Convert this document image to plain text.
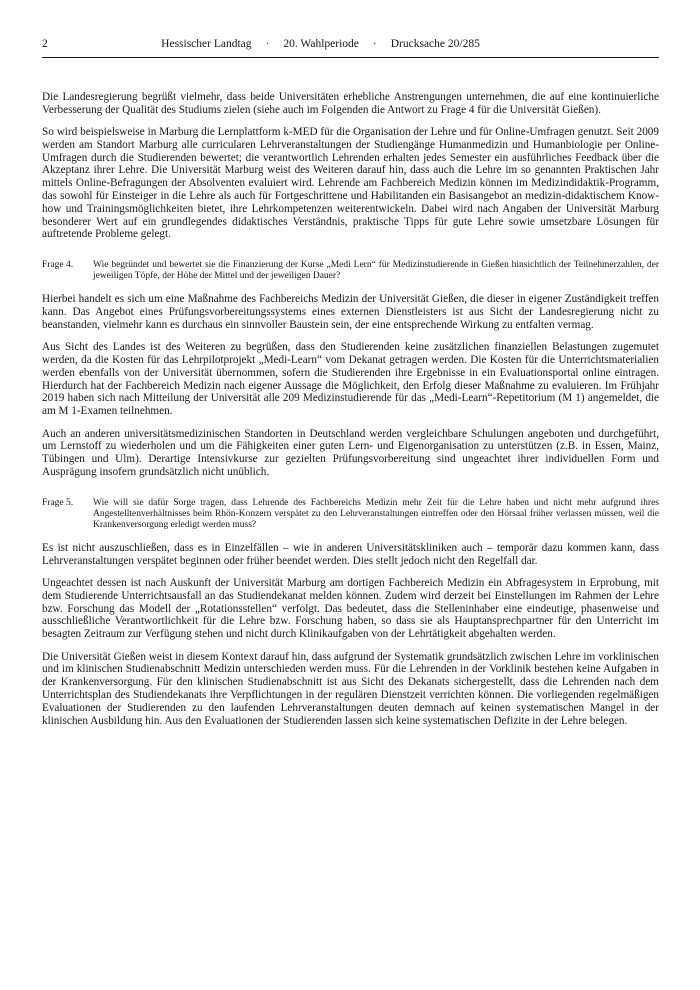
2	Hessischer Landtag · 20. Wahlperiode · Drucksache 20/285

Die Landesregierung begrüßt vielmehr, dass beide Universitäten erhebliche Anstrengungen unternehmen, die auf eine kontinuierliche Verbesserung der Qualität des Studiums zielen (siehe auch im Folgenden die Antwort zu Frage 4 für die Universität Gießen).

So wird beispielsweise in Marburg die Lernplattform k-MED für die Organisation der Lehre und für Online-Umfragen genutzt. Seit 2009 werden am Standort Marburg alle curricularen Lehrveranstaltungen der Studiengänge Humanmedizin und Humanbiologie per Online-Umfragen durch die Studierenden bewertet; die verantwortlich Lehrenden erhalten jedes Semester ein ausführliches Feedback über die Akzeptanz ihrer Lehre. Die Universität Marburg weist des Weiteren darauf hin, dass auch die Lehre im so genannten Praktischen Jahr mittels Online-Befragungen der Absolventen evaluiert wird. Lehrende am Fachbereich Medizin können im Medizindidaktik-Programm, das sowohl für Einsteiger in die Lehre als auch für Fortgeschrittene und Habilitanden ein Basisangebot an medizin-didaktischem Know-how und Trainingsmöglichkeiten bietet, ihre Lehrkompetenzen weiterentwickeln. Dabei wird nach Angaben der Universität Marburg besonderer Wert auf ein grundlegendes didaktisches Verständnis, praktische Tipps für gute Lehre sowie umsetzbare Lösungen für auftretende Probleme gelegt.

Frage 4.	Wie begründet und bewertet sie die Finanzierung der Kurse „Medi Lern“ für Medizinstudierende in Gießen hinsichtlich der Teilnehmerzahlen, der jeweiligen Töpfe, der Höhe der Mittel und der jeweiligen Dauer?

Hierbei handelt es sich um eine Maßnahme des Fachbereichs Medizin der Universität Gießen, die dieser in eigener Zuständigkeit treffen kann. Das Angebot eines Prüfungsvorbereitungssystems eines externen Dienstleisters ist aus Sicht der Landesregierung nicht zu beanstanden, vielmehr kann es durchaus ein sinnvoller Baustein sein, der eine entsprechende Wirkung zu entfalten vermag.

Aus Sicht des Landes ist des Weiteren zu begrüßen, dass den Studierenden keine zusätzlichen finanziellen Belastungen zugemutet werden, da die Kosten für das Lehrpilotprojekt „Medi-Learn“ vom Dekanat getragen werden. Die Kosten für die Unterrichtsmaterialien werden ebenfalls von der Universität übernommen, sofern die Studierenden ihre Ergebnisse in ein Evaluationsportal online eintragen. Hierdurch hat der Fachbereich Medizin nach eigener Aussage die Möglichkeit, den Erfolg dieser Maßnahme zu evaluieren. Im Frühjahr 2019 haben sich nach Mitteilung der Universität alle 209 Medizinstudierende für das „Medi-Learn“-Repetitorium (M 1) angemeldet, die am M 1-Examen teilnehmen.

Auch an anderen universitätsmedizinischen Standorten in Deutschland werden vergleichbare Schulungen angeboten und durchgeführt, um Lernstoff zu wiederholen und um die Fähigkeiten einer guten Lern- und Eigenorganisation zu unterstützen (z.B. in Essen, Mainz, Tübingen und Ulm). Derartige Intensivkurse zur gezielten Prüfungsvorbereitung sind ungeachtet ihrer individuellen Form und Ausprägung insofern grundsätzlich nicht unüblich.

Frage 5.	Wie will sie dafür Sorge tragen, dass Lehrende des Fachbereichs Medizin mehr Zeit für die Lehre haben und nicht mehr aufgrund ihres Angestelltenverhältnisses beim Rhön-Konzern verspätet zu den Lehrveranstaltungen eintreffen oder den Hörsaal früher verlassen müssen, weil die Krankenversorgung erledigt werden muss?

Es ist nicht auszuschließen, dass es in Einzelfällen – wie in anderen Universitätskliniken auch – temporär dazu kommen kann, dass Lehrveranstaltungen verspätet beginnen oder früher beendet werden. Dies stellt jedoch nicht den Regelfall dar.

Ungeachtet dessen ist nach Auskunft der Universität Marburg am dortigen Fachbereich Medizin ein Abfragesystem in Erprobung, mit dem Studierende Unterrichtsausfall an das Studiendekanat melden können. Zudem wird derzeit bei Einstellungen im Rahmen der Lehre bzw. Forschung das Modell der „Rotationsstellen“ verfolgt. Das bedeutet, dass die Stelleninhaber eine eindeutige, phasenweise und ausschließliche Verantwortlichkeit für die Lehre bzw. Forschung haben, so dass sie als Hauptansprechpartner für den Unterricht im besagten Zeitraum zur Verfügung stehen und nicht durch Klinikaufgaben von der Lehrtätigkeit abgehalten werden.

Die Universität Gießen weist in diesem Kontext darauf hin, dass aufgrund der Systematik grundsätzlich zwischen Lehre im vorklinischen und im klinischen Studienabschnitt Medizin unterschieden werden muss. Für die Lehrenden in der Vorklinik bestehen keine Aufgaben in der Krankenversorgung. Für den klinischen Studienabschnitt ist aus Sicht des Dekanats sichergestellt, dass die Lehrenden nach dem Unterrichtsplan des Studiendekanats ihre Verpflichtungen in der regulären Dienstzeit verrichten können. Die vorliegenden regelmäßigen Evaluationen der Studierenden zu den laufenden Lehrveranstaltungen deuten demnach auf keinen systematischen Mangel in der klinischen Ausbildung hin. Aus den Evaluationen der Studierenden lassen sich keine systematischen Defizite in der Lehre belegen.
